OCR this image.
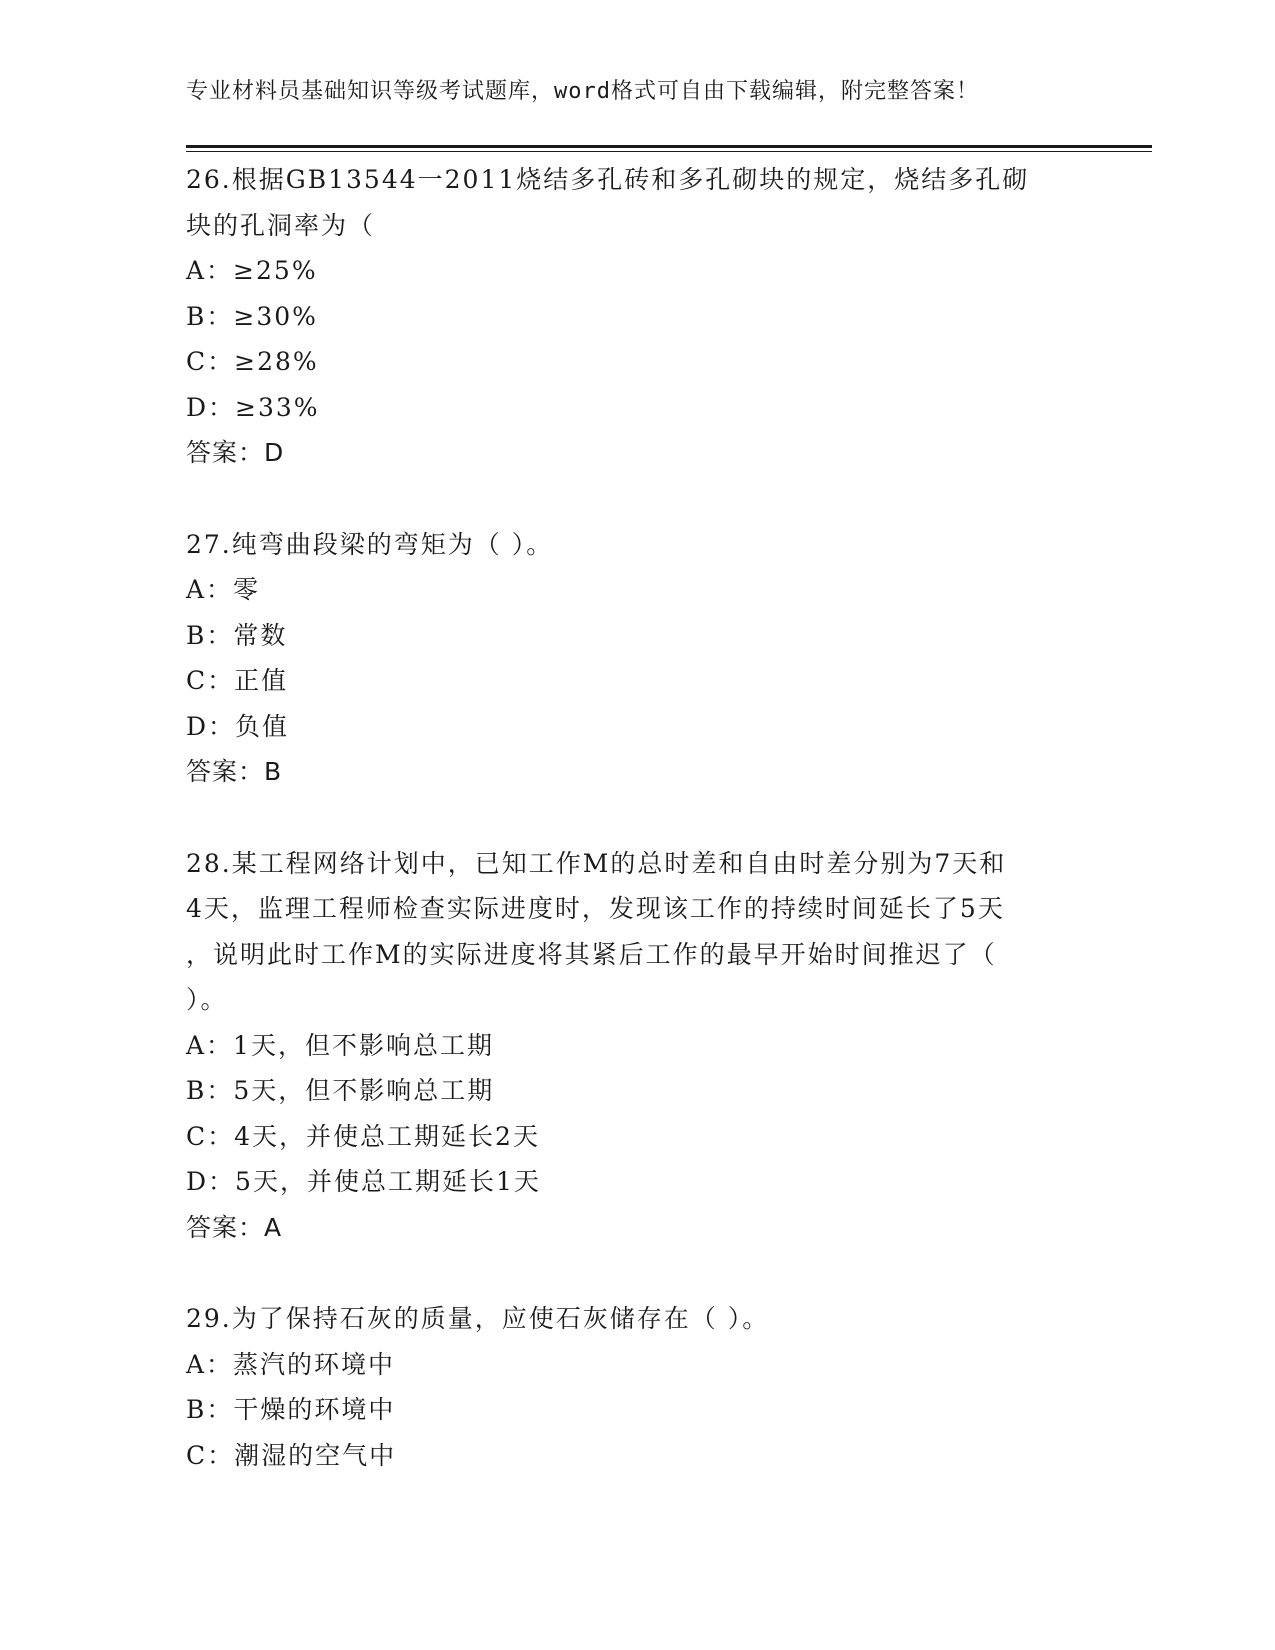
专业材料员基础知识等级考试题库，word格式可自由下载编辑，附完整答案！

26.根据GB13544一2011烧结多孔砖和多孔砌块的规定，烧结多孔砌
块的孔洞率为（

A：≥25%
B：≥30%
C：≥28%
D：≥33%
答案：D

27.纯弯曲段梁的弯矩为（ ）。

A：零
B：常数
C：正值
D：负值
答案：B

28.某工程网络计划中，已知工作M的总时差和自由时差分别为7天和
4天，监理工程师检查实际进度时，发现该工作的持续时间延长了5天
，说明此时工作M的实际进度将其紧后工作的最早开始时间推迟了（
）。

A：1天，但不影响总工期
B：5天，但不影响总工期
C：4天，并使总工期延长2天
D：5天，并使总工期延长1天
答案：A

29.为了保持石灰的质量，应使石灰储存在（ ）。

A：蒸汽的环境中
B：干燥的环境中
C：潮湿的空气中
